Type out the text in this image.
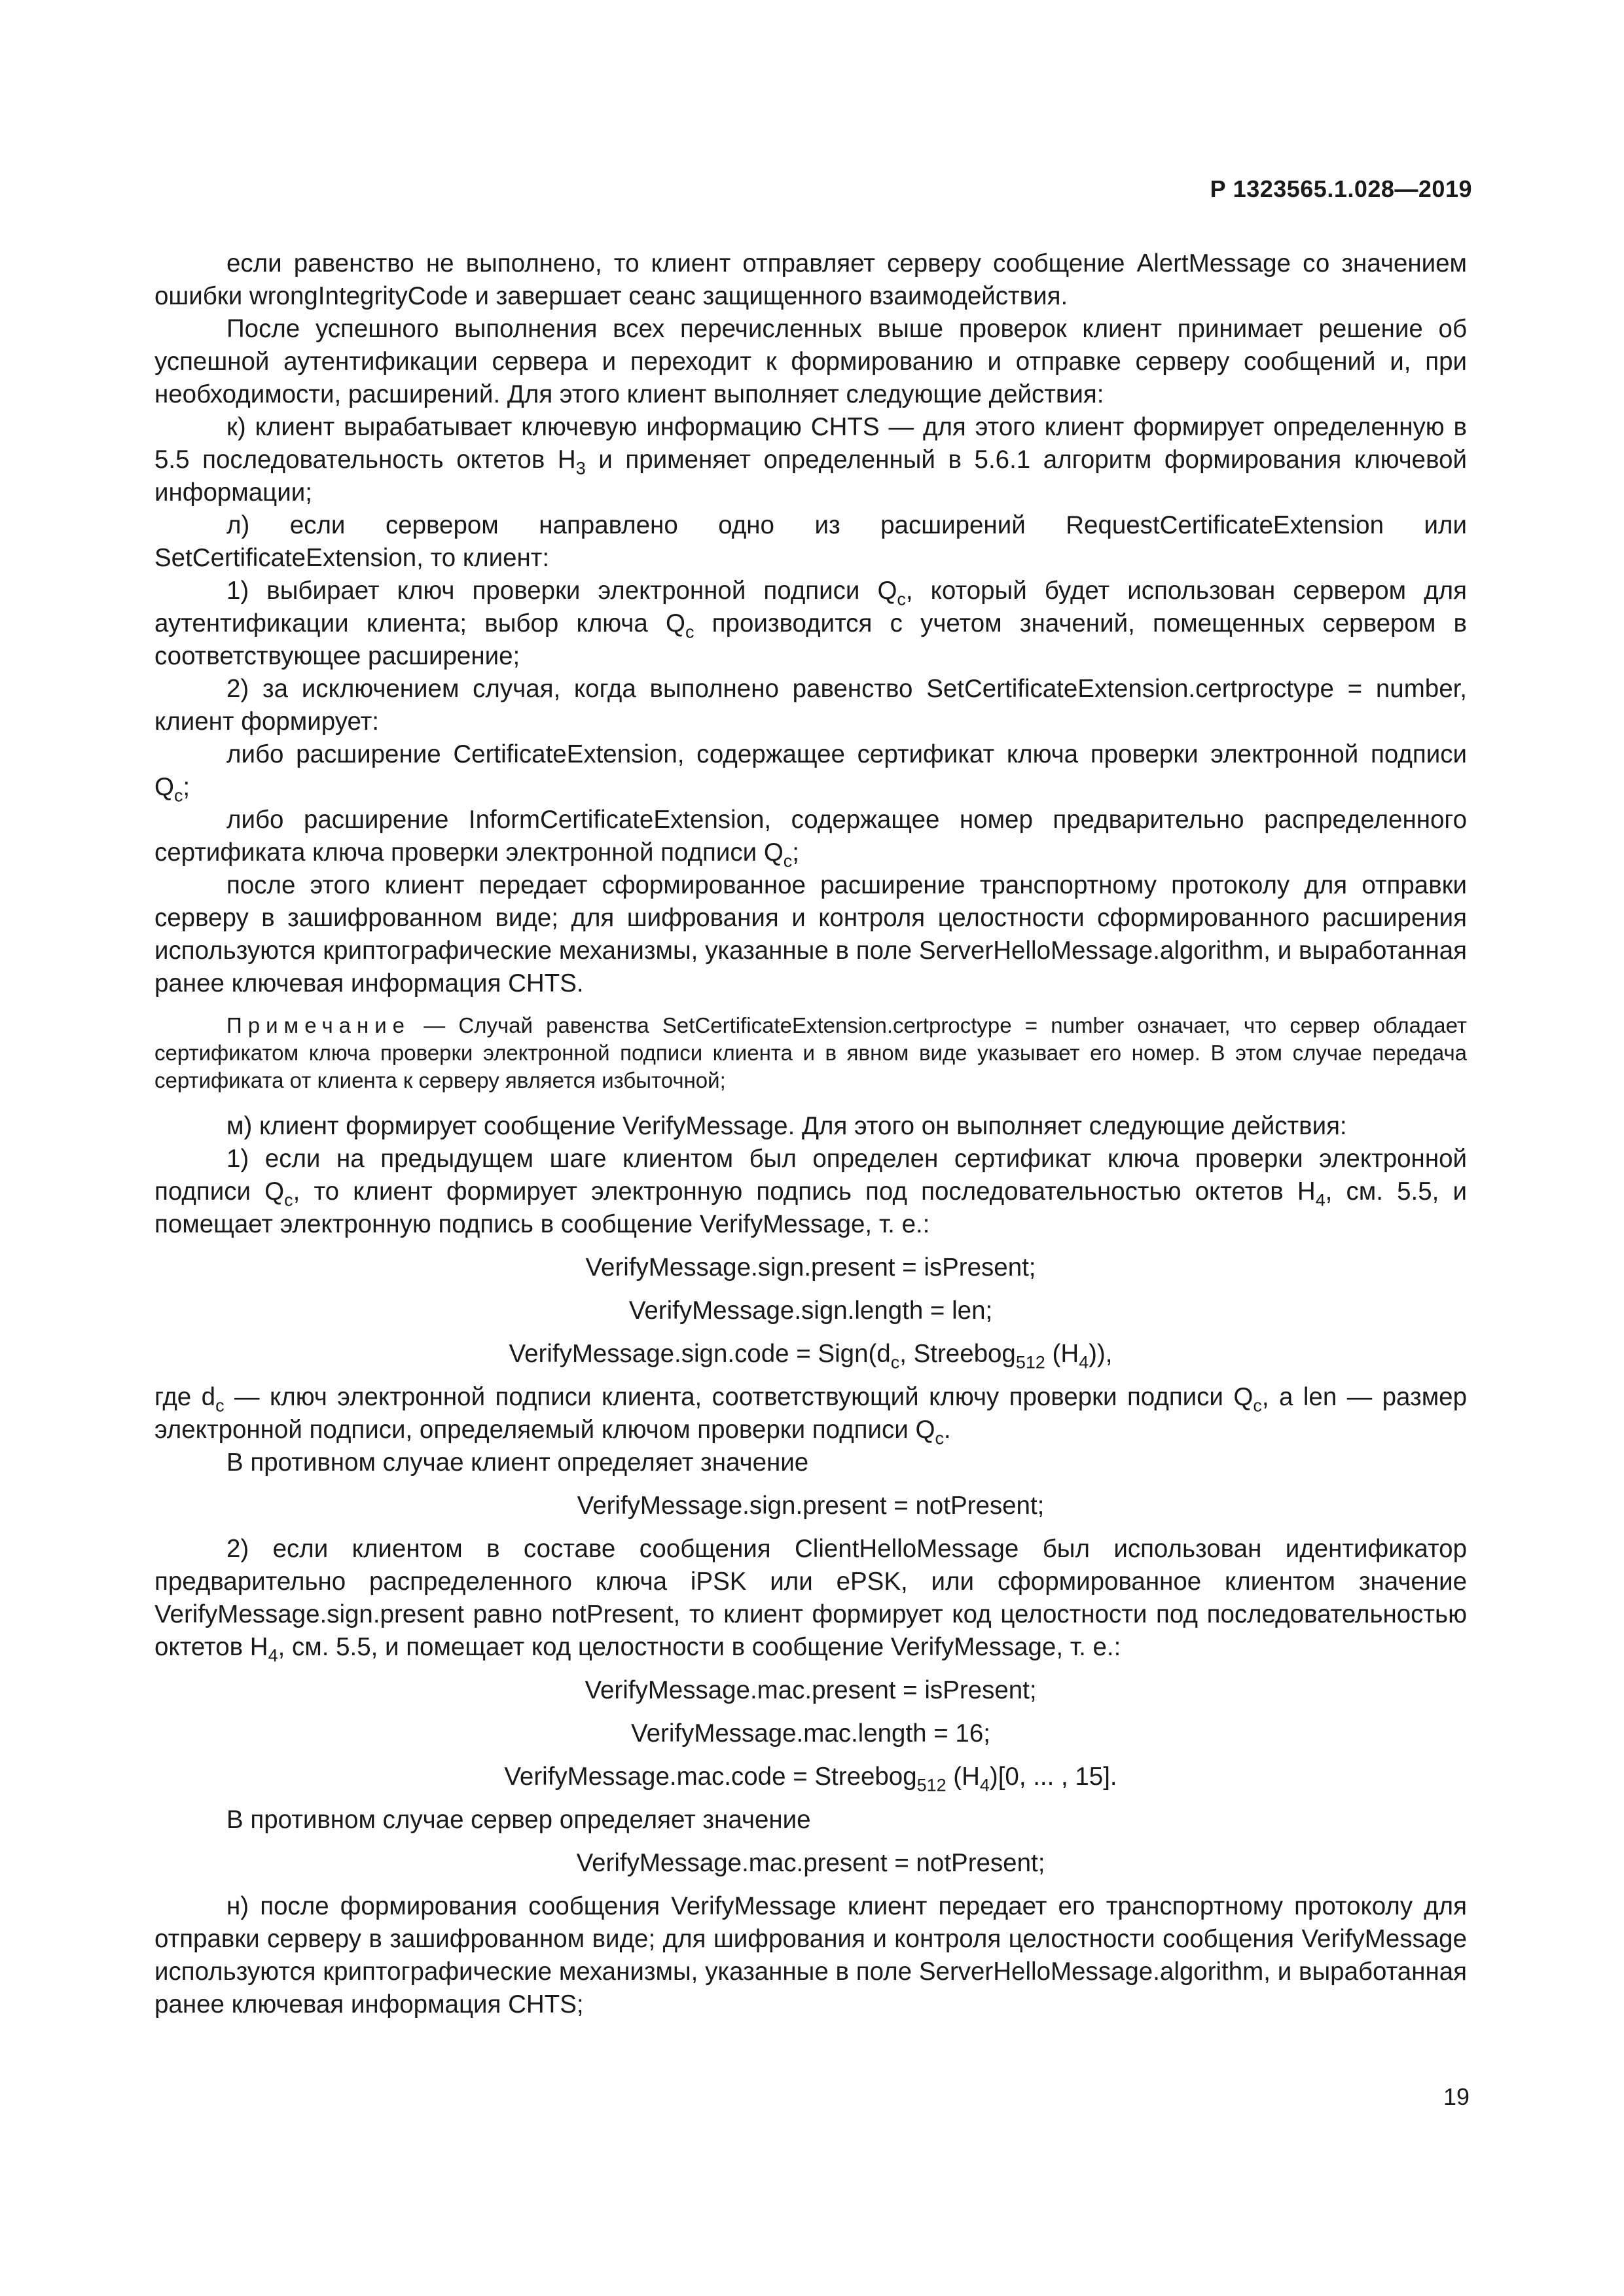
Р 1323565.1.028—2019

если равенство не выполнено, то клиент отправляет серверу сообщение AlertMessage со значением ошибки wrongIntegrityCode и завершает сеанс защищенного взаимодействия.

После успешного выполнения всех перечисленных выше проверок клиент принимает решение об успешной аутентификации сервера и переходит к формированию и отправке серверу сообщений и, при необходимости, расширений. Для этого клиент выполняет следующие действия:

к) клиент вырабатывает ключевую информацию CHTS — для этого клиент формирует определенную в 5.5 последовательность октетов $H_3$ и применяет определенный в 5.6.1 алгоритм формирования ключевой информации;

л) если сервером направлено одно из расширений RequestCertificateExtension или SetCertificateExtension, то клиент:

1) выбирает ключ проверки электронной подписи $Q_c$, который будет использован сервером для аутентификации клиента; выбор ключа $Q_c$ производится с учетом значений, помещенных сервером в соответствующее расширение;

2) за исключением случая, когда выполнено равенство SetCertificateExtension.certproctype = number, клиент формирует:

либо расширение CertificateExtension, содержащее сертификат ключа проверки электронной подписи $Q_c$;

либо расширение InformCertificateExtension, содержащее номер предварительно распределенного сертификата ключа проверки электронной подписи $Q_c$;

после этого клиент передает сформированное расширение транспортному протоколу для отправки серверу в зашифрованном виде; для шифрования и контроля целостности сформированного расширения используются криптографические механизмы, указанные в поле ServerHelloMessage.algorithm, и выработанная ранее ключевая информация CHTS.

Примечание — Случай равенства SetCertificateExtension.certproctype = number означает, что сервер обладает сертификатом ключа проверки электронной подписи клиента и в явном виде указывает его номер. В этом случае передача сертификата от клиента к серверу является избыточной;

м) клиент формирует сообщение VerifyMessage. Для этого он выполняет следующие действия:

1) если на предыдущем шаге клиентом был определен сертификат ключа проверки электронной подписи $Q_c$, то клиент формирует электронную подпись под последовательностью октетов $H_4$, см. 5.5, и помещает электронную подпись в сообщение VerifyMessage, т. е.:

VerifyMessage.sign.present = isPresent;

VerifyMessage.sign.length = len;

VerifyMessage.sign.code = $Sign(d_c$, Streebog$_{512}$ $(H_4)$),

где $d_c$ — ключ электронной подписи клиента, соответствующий ключу проверки подписи $Q_c$, а len — размер электронной подписи, определяемый ключом проверки подписи $Q_c$.

В противном случае клиент определяет значение

VerifyMessage.sign.present = notPresent;

2) если клиентом в составе сообщения ClientHelloMessage был использован идентификатор предварительно распределенного ключа iPSK или ePSK, или сформированное клиентом значение VerifyMessage.sign.present равно notPresent, то клиент формирует код целостности под последовательностью октетов $H_4$, см. 5.5, и помещает код целостности в сообщение VerifyMessage, т. е.:

VerifyMessage.mac.present = isPresent;

VerifyMessage.mac.length = 16;

VerifyMessage.mac.code = Streebog$_{512}$ $(H_4)[0$, ... , 15].

В противном случае сервер определяет значение

VerifyMessage.mac.present = notPresent;

н) после формирования сообщения VerifyMessage клиент передает его транспортному протоколу для отправки серверу в зашифрованном виде; для шифрования и контроля целостности сообщения VerifyMessage используются криптографические механизмы, указанные в поле ServerHelloMessage.algorithm, и выработанная ранее ключевая информация CHTS;

19
